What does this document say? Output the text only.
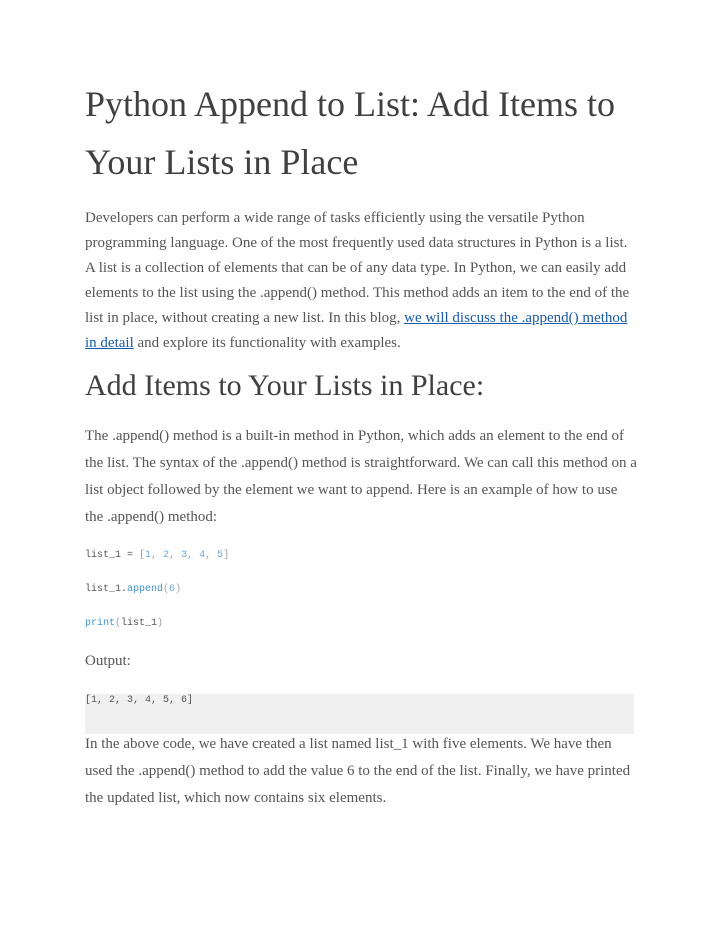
Python Append to List: Add Items to Your Lists in Place

Developers can perform a wide range of tasks efficiently using the versatile Python programming language. One of the most frequently used data structures in Python is a list. A list is a collection of elements that can be of any data type. In Python, we can easily add elements to the list using the .append() method. This method adds an item to the end of the list in place, without creating a new list. In this blog, we will discuss the .append() method in detail and explore its functionality with examples.

Add Items to Your Lists in Place:

The .append() method is a built-in method in Python, which adds an element to the end of the list. The syntax of the .append() method is straightforward. We can call this method on a list object followed by the element we want to append. Here is an example of how to use the .append() method:

list_1 = [1, 2, 3, 4, 5]
list_1.append(6)
print(list_1)
Output:
[1, 2, 3, 4, 5, 6]

In the above code, we have created a list named list_1 with five elements. We have then used the .append() method to add the value 6 to the end of the list. Finally, we have printed the updated list, which now contains six elements.
